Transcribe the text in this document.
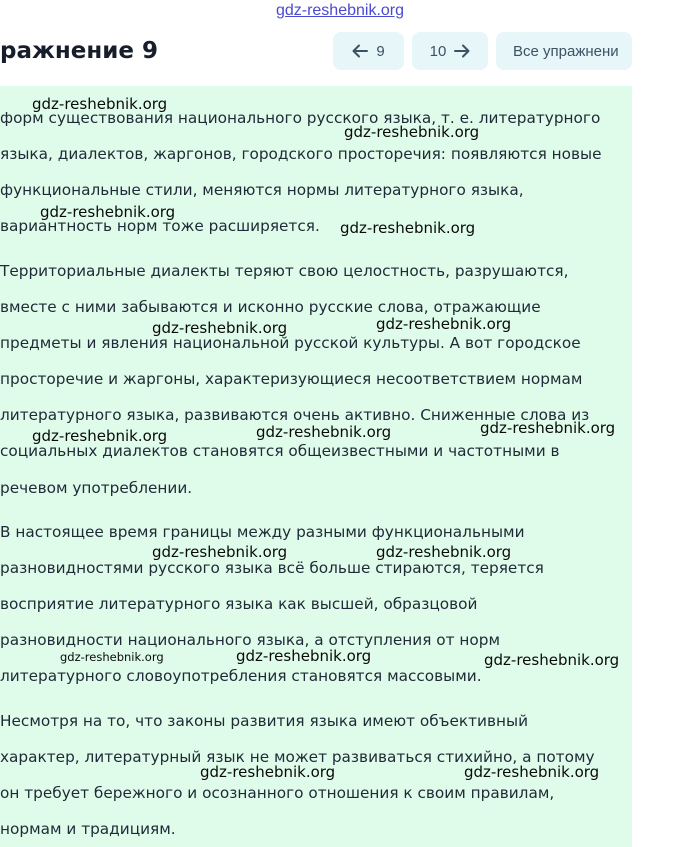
gdz-reshebnik.org
ражнение 9	9	10	Все упражнени
форм существования национального русского языка, т. е. литературного
языка, диалектов, жаргонов, городского просторечия: появляются новые
функциональные стили, меняются нормы литературного языка,
вариантность норм тоже расширяется.
Территориальные диалекты теряют свою целостность, разрушаются,
вместе с ними забываются и исконно русские слова, отражающие
предметы и явления национальной русской культуры. А вот городское
просторечие и жаргоны, характеризующиеся несоответствием нормам
литературного языка, развиваются очень активно. Сниженные слова из
социальных диалектов становятся общеизвестными и частотными в
речевом употреблении.
В настоящее время границы между разными функциональными
разновидностями русского языка всё больше стираются, теряется
восприятие литературного языка как высшей, образцовой
разновидности национального языка, а отступления от норм
литературного словоупотребления становятся массовыми.
Несмотря на то, что законы развития языка имеют объективный
характер, литературный язык не может развиваться стихийно, а потому
он требует бережного и осознанного отношения к своим правилам,
нормам и традициям.
gdz-reshebnik.org
gdz-reshebnik.org
gdz-reshebnik.org
gdz-reshebnik.org
gdz-reshebnik.org	gdz-reshebnik.org
gdz-reshebnik.org	gdz-reshebnik.org	gdz-reshebnik.org
gdz-reshebnik.org	gdz-reshebnik.org
gdz-reshebnik.org	gdz-reshebnik.org	gdz-reshebnik.org
gdz-reshebnik.org	gdz-reshebnik.org
